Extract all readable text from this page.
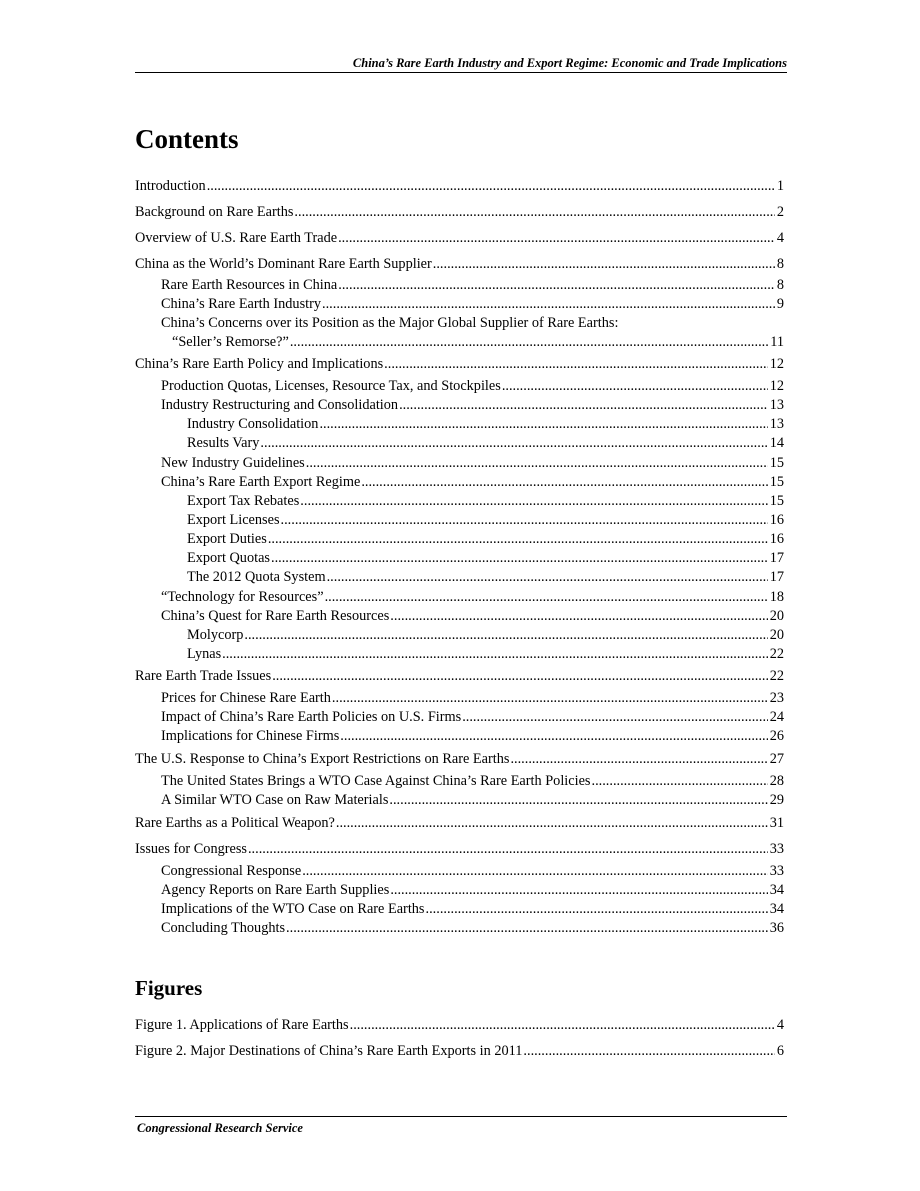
China’s Rare Earth Industry and Export Regime: Economic and Trade Implications
Contents
Introduction .....	1
Background on Rare Earths .....	2
Overview of U.S. Rare Earth Trade .....	4
China as the World’s Dominant Rare Earth Supplier .....	8
Rare Earth Resources in China .....	8
China’s Rare Earth Industry .....	9
China’s Concerns over its Position as the Major Global Supplier of Rare Earths:
“Seller’s Remorse?” .....	11
China’s Rare Earth Policy and Implications .....	12
Production Quotas, Licenses, Resource Tax, and Stockpiles .....	12
Industry Restructuring and Consolidation .....	13
Industry Consolidation .....	13
Results Vary .....	14
New Industry Guidelines .....	15
China’s Rare Earth Export Regime .....	15
Export Tax Rebates .....	15
Export Licenses .....	16
Export Duties .....	16
Export Quotas .....	17
The 2012 Quota System .....	17
“Technology for Resources” .....	18
China’s Quest for Rare Earth Resources .....	20
Molycorp .....	20
Lynas .....	22
Rare Earth Trade Issues .....	22
Prices for Chinese Rare Earth .....	23
Impact of China’s Rare Earth Policies on U.S. Firms .....	24
Implications for Chinese Firms .....	26
The U.S. Response to China’s Export Restrictions on Rare Earths .....	27
The United States Brings a WTO Case Against China’s Rare Earth Policies .....	28
A Similar WTO Case on Raw Materials .....	29
Rare Earths as a Political Weapon? .....	31
Issues for Congress .....	33
Congressional Response .....	33
Agency Reports on Rare Earth Supplies .....	34
Implications of the WTO Case on Rare Earths .....	34
Concluding Thoughts .....	36
Figures
Figure 1. Applications of Rare Earths .....	4
Figure 2. Major Destinations of China’s Rare Earth Exports in 2011 .....	6
Congressional Research Service
